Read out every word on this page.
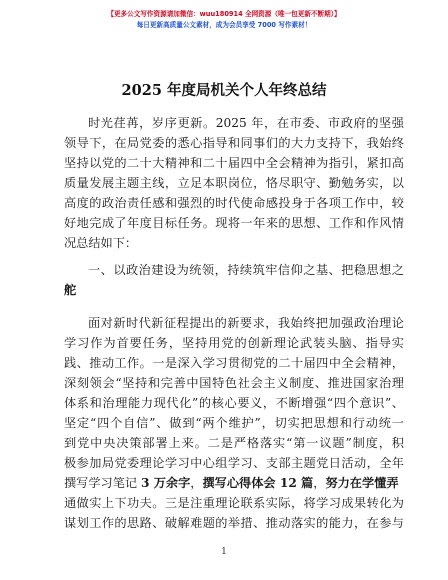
【更多公文写作资源请加微信：wuu180914 全网资源（唯一包更新不断期）】
每日更新高质量公文素材，成为会员享受 7000 写作素材！
2025 年度局机关个人年终总结
时光荏苒，岁序更新。2025 年，在市委、市政府的坚强
领导下，在局党委的悉心指导和同事们的大力支持下，我始终
坚持以党的二十大精神和二十届四中全会精神为指引，紧扣高
质量发展主题主线，立足本职岗位，恪尽职守、勤勉务实，以
高度的政治责任感和强烈的时代使命感投身于各项工作中，较
好地完成了年度目标任务。现将一年来的思想、工作和作风情
况总结如下：
一、以政治建设为统领，持续筑牢信仰之基、把稳思想之
舵
面对新时代新征程提出的新要求，我始终把加强政治理论
学习作为首要任务，坚持用党的创新理论武装头脑、指导实
践、推动工作。一是深入学习贯彻党的二十届四中全会精神，
深刻领会“坚持和完善中国特色社会主义制度、推进国家治理
体系和治理能力现代化”的核心要义，不断增强“四个意识”、
坚定“四个自信”、做到“两个维护”，切实把思想和行动统一
到党中央决策部署上来。二是严格落实“第一议题”制度，积
极参加局党委理论学习中心组学习、支部主题党日活动，全年
撰写学习笔记 3 万余字，撰写心得体会 12 篇，努力在学懂弄
通做实上下功夫。三是注重理论联系实际，将学习成果转化为
谋划工作的思路、破解难题的举措、推动落实的能力，在参与
1
